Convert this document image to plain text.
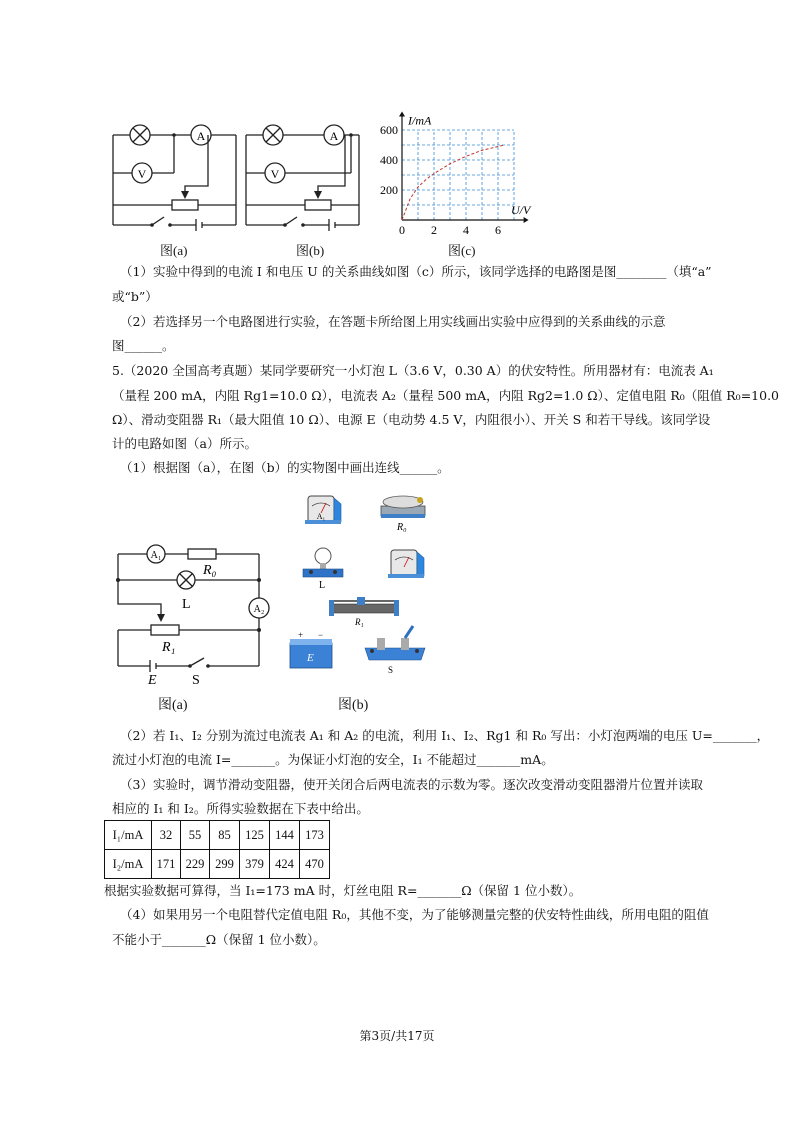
A
V
图(a)
A
V
图(b)
0 2 4 6
200
400
600
I/mA
U/V
图(c)
（1）实验中得到的电流 I 和电压 U 的关系曲线如图（c）所示，该同学选择的电路图是图________（填“a”
或“b”）
（2）若选择另一个电路图进行实验，在答题卡所给图上用实线画出实验中应得到的关系曲线的示意
图______。
5.（2020 全国高考真题）某同学要研究一小灯泡 L（3.6 V，0.30 A）的伏安特性。所用器材有：电流表 A₁
（量程 200 mA，内阻 Rg1=10.0 Ω），电流表 A₂（量程 500 mA，内阻 Rg2=1.0 Ω）、定值电阻 R₀（阻值 R₀=10.0
Ω）、滑动变阻器 R₁（最大阻值 10 Ω）、电源 E（电动势 4.5 V，内阻很小）、开关 S 和若干导线。该同学设
计的电路如图（a）所示。
（1）根据图（a），在图（b）的实物图中画出连线______。
A₁
A₂
R₀
L
R₁
E	S
图(a)
A₁
R₀
L
R₁
+ −
E
S
图(b)
（2）若 I₁、I₂ 分别为流过电流表 A₁ 和 A₂ 的电流，利用 I₁、I₂、Rg1 和 R₀ 写出：小灯泡两端的电压 U=_______，
流过小灯泡的电流 I=_______。为保证小灯泡的安全，I₁ 不能超过_______mA。
（3）实验时，调节滑动变阻器，使开关闭合后两电流表的示数为零。逐次改变滑动变阻器滑片位置并读取
相应的 I₁ 和 I₂。所得实验数据在下表中给出。
I₁/mA	32	55	85	125	144	173
I₂/mA	171	229	299	379	424	470
根据实验数据可算得，当 I₁=173 mA 时，灯丝电阻 R=_______Ω（保留 1 位小数）。
（4）如果用另一个电阻替代定值电阻 R₀，其他不变，为了能够测量完整的伏安特性曲线，所用电阻的阻值
不能小于_______Ω（保留 1 位小数）。
第3页/共17页
